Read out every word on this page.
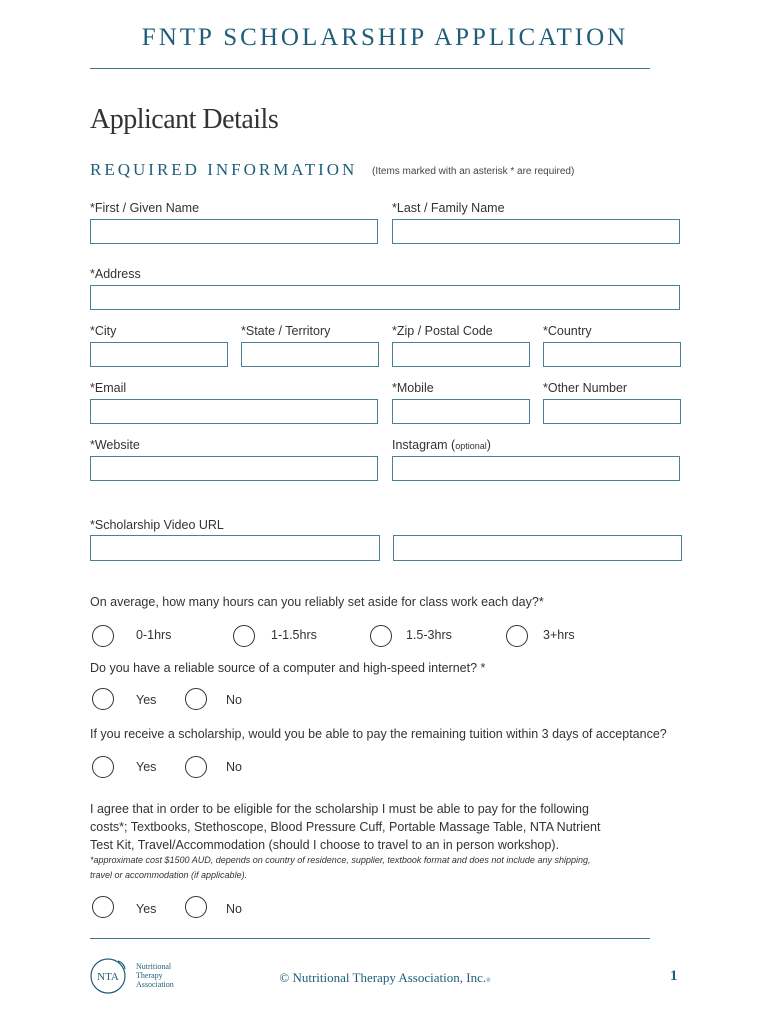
FNTP SCHOLARSHIP APPLICATION
Applicant Details
REQUIRED INFORMATION (Items marked with an asterisk * are required)
*First / Given Name	*Last / Family Name
*Address
*City	*State / Territory	*Zip / Postal Code	*Country
*Email	*Mobile	*Other Number
*Website	Instagram (optional)
*Scholarship Video URL
On average, how many hours can you reliably set aside for class work each day?*
0-1hrs	1-1.5hrs	1.5-3hrs	3+hrs
Do you have a reliable source of a computer and high-speed internet? *
Yes	No
If you receive a scholarship, would you be able to pay the remaining tuition within 3 days of acceptance?
Yes	No
I agree that in order to be eligible for the scholarship I must be able to pay for the following costs*; Textbooks, Stethoscope, Blood Pressure Cuff, Portable Massage Table, NTA Nutrient Test Kit, Travel/Accommodation (should I choose to travel to an in person workshop).
*approximate cost $1500 AUD, depends on country of residence, supplier, textbook format and does not include any shipping, travel or accommodation (if applicable).
Yes	No
NTA
Nutritional
Therapy
Association	© Nutritional Therapy Association, Inc.®	1
